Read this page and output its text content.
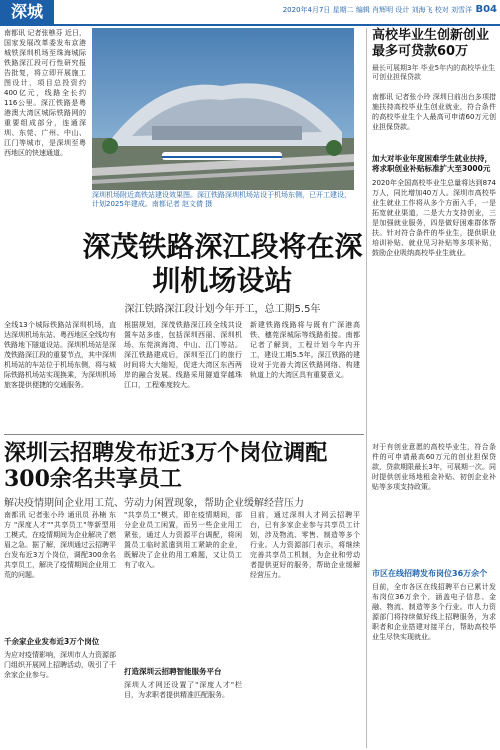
深城	2020年4月7日 星期二 编辑 肖辉明 设计 刘海飞 校对 刘雪洋 B04
南都讯 记者张樵芬 近日，国家发展改革委发布京港城铁深圳机场至珠海城际铁路深江段可行性研究报告批复，将立即开展施工图设计，项目总投资约400亿元，线路全长约116公里。深江铁路是粤港澳大湾区城际铁路网的重要组成部分，连通深圳、东莞、广州、中山、江门等城市，是深圳至粤西地区的快速通道。
深圳机场附近高铁站建设效果图。深江铁路深圳机场站设于机场东侧，已开工建设，计划2025年建成。南都记者 赵文倩 摄
深茂铁路深江段将在深圳机场设站
深江铁路深江段计划今年开工，总工期5.5年
全线13个城际铁路站深圳机场，直达深圳机场东站、粤西地区全线均有铁路地下隧道设站。深圳机场站是深茂铁路深江段的重要节点，其中深圳机场站的车站位于机场东侧，将与城际铁路机场站实现换乘，为深圳机场旅客提供便捷的交通服务。
根据规划，深茂铁路深江段全线共设置车站多座，包括深圳西丽、深圳机场、东莞滨海湾、中山、江门等站。深江铁路建成后，深圳至江门的旅行时间将大大缩短，促进大湾区东西两岸的融合发展。线路采用隧道穿越珠江口，工程难度较大。
新建铁路线路将与既有广深港高铁、穗莞深城际等线路衔接。南都记者了解到，工程计划今年内开工，建设工期5.5年。深江铁路的建设对于完善大湾区铁路网络、构建轨道上的大湾区具有重要意义。
高校毕业生创新创业最多可贷款60万
最长可展期3年 毕业5年内的高校毕业生可创业担保贷款
南都讯 记者张小玲 深圳日前出台多项措施扶持高校毕业生创业就业，符合条件的高校毕业生个人最高可申请60万元创业担保贷款。
加大对毕业年度困难学生就业扶持，将求职创业补贴标准扩大至3000元
2020年全国高校毕业生总量将达到874万人，同比增加40万人。深圳市高校毕业生就业工作将从多个方面入手，一是拓宽就业渠道，二是大力支持创业，三是加强就业服务，四是做好困难群体帮扶。针对符合条件的毕业生，提供职业培训补贴、就业见习补贴等多项补贴，鼓励企业吸纳高校毕业生就业。
对于有创业意愿的高校毕业生，符合条件的可申请最高60万元的创业担保贷款，贷款期限最长3年，可展期一次。同时提供创业场地租金补贴、初创企业补贴等多项支持政策。
市区在线招聘发布岗位36万余个
目前，全市各区在线招聘平台已累计发布岗位36万余个，涵盖电子信息、金融、物流、制造等多个行业。市人力资源部门将持续做好线上招聘服务，为求职者和企业搭建对接平台，帮助高校毕业生尽快实现就业。
深圳云招聘发布近3万个岗位调配300余名共享员工
解决疫情期间企业用工荒、劳动力闲置现象，帮助企业缓解经营压力
南都讯 记者张小玲 通讯员 孙楠 东方 "深度人才""共享员工"等新型用工模式，在疫情期间为企业解决了燃眉之急。据了解，深圳通过云招聘平台发布近3万个岗位，调配300余名共享员工，解决了疫情期间企业用工荒的问题。
千余家企业发布近3万个岗位
为应对疫情影响，深圳市人力资源部门组织开展网上招聘活动，吸引了千余家企业参与。
"共享员工"模式，即在疫情期间，部分企业员工闲置，而另一些企业用工紧张，通过人力资源平台调配，将闲置员工临时派遣到用工紧缺的企业，既解决了企业的用工难题，又让员工有了收入。
打造深圳云招聘智能服务平台
深圳人才网还设置了"深度人才"栏目，为求职者提供精准匹配服务。
目前，通过深圳人才网云招聘平台，已有多家企业参与共享员工计划，涉及物流、零售、制造等多个行业。人力资源部门表示，将继续完善共享员工机制，为企业和劳动者提供更好的服务，帮助企业缓解经营压力。
